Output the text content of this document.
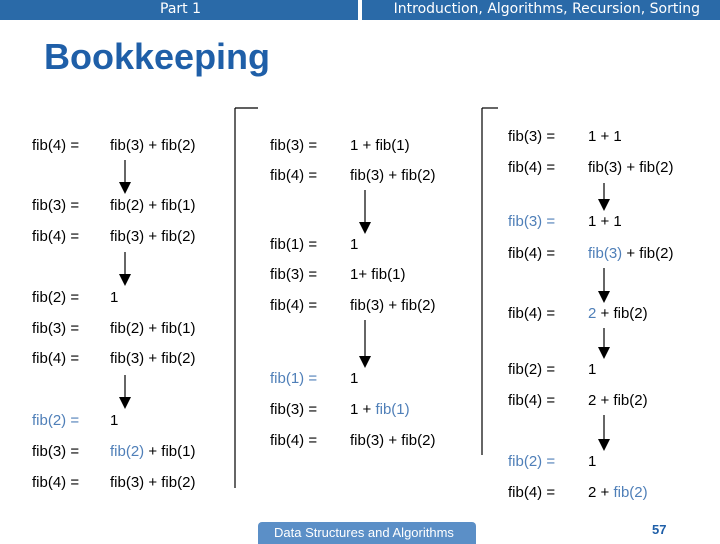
Part 1	Introduction, Algorithms, Recursion, Sorting
Bookkeeping
fib(4) = fib(3) + fib(2)
fib(3) = fib(2) + fib(1)
fib(4) = fib(3) + fib(2)
fib(2) = 1
fib(3) = fib(2) + fib(1)
fib(4) = fib(3) + fib(2)
fib(2) = 1
fib(3) = fib(2) + fib(1)
fib(4) = fib(3) + fib(2)
fib(3) = 1 + fib(1)
fib(4) = fib(3) + fib(2)
fib(1) = 1
fib(3) = 1+ fib(1)
fib(4) = fib(3) + fib(2)
fib(1) = 1
fib(3) = 1 + fib(1)
fib(4) = fib(3) + fib(2)
fib(3) = 1 + 1
fib(4) = fib(3) + fib(2)
fib(3) = 1 + 1
fib(4) = fib(3) + fib(2)
fib(4) = 2 + fib(2)
fib(2) = 1
fib(4) = 2 + fib(2)
fib(2) = 1
fib(4) = 2 + fib(2)
Data Structures and Algorithms	57
